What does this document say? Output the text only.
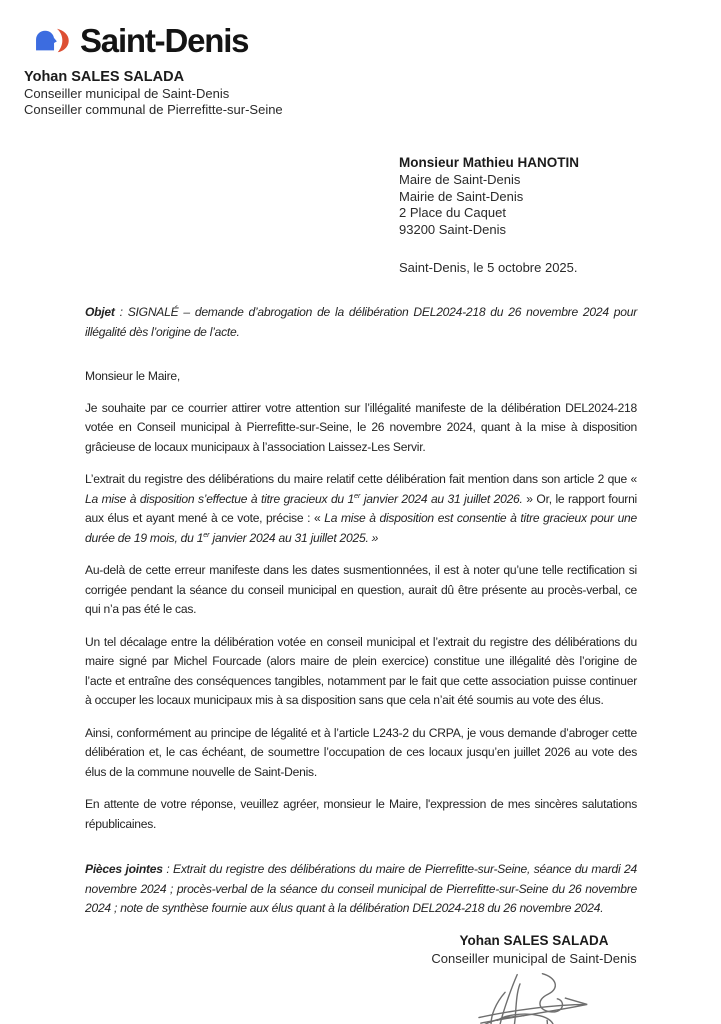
Saint-Denis
Yohan SALES SALADA
Conseiller municipal de Saint-Denis
Conseiller communal de Pierrefitte-sur-Seine
Monsieur Mathieu HANOTIN
Maire de Saint-Denis
Mairie de Saint-Denis
2 Place du Caquet
93200 Saint-Denis
Saint-Denis, le 5 octobre 2025.

Objet : SIGNALÉ – demande d’abrogation de la délibération DEL2024-218 du 26 novembre 2024 pour illégalité dès l’origine de l’acte.

Monsieur le Maire,

Je souhaite par ce courrier attirer votre attention sur l’illégalité manifeste de la délibération DEL2024-218 votée en Conseil municipal à Pierrefitte-sur-Seine, le 26 novembre 2024, quant à la mise à disposition grâcieuse de locaux municipaux à l’association Laissez-Les Servir.

L’extrait du registre des délibérations du maire relatif cette délibération fait mention dans son article 2 que « La mise à disposition s’effectue à titre gracieux du 1er janvier 2024 au 31 juillet 2026. » Or, le rapport fourni aux élus et ayant mené à ce vote, précise : « La mise à disposition est consentie à titre gracieux pour une durée de 19 mois, du 1er janvier 2024 au 31 juillet 2025. »

Au-delà de cette erreur manifeste dans les dates susmentionnées, il est à noter qu’une telle rectification si corrigée pendant la séance du conseil municipal en question, aurait dû être présente au procès-verbal, ce qui n’a pas été le cas.

Un tel décalage entre la délibération votée en conseil municipal et l’extrait du registre des délibérations du maire signé par Michel Fourcade (alors maire de plein exercice) constitue une illégalité dès l’origine de l’acte et entraîne des conséquences tangibles, notamment par le fait que cette association puisse continuer à occuper les locaux municipaux mis à sa disposition sans que cela n’ait été soumis au vote des élus.

Ainsi, conformément au principe de légalité et à l’article L243-2 du CRPA, je vous demande d’abroger cette délibération et, le cas échéant, de soumettre l’occupation de ces locaux jusqu’en juillet 2026 au vote des élus de la commune nouvelle de Saint-Denis.

En attente de votre réponse, veuillez agréer, monsieur le Maire, l'expression de mes sincères salutations républicaines.

Pièces jointes : Extrait du registre des délibérations du maire de Pierrefitte-sur-Seine, séance du mardi 24 novembre 2024 ; procès-verbal de la séance du conseil municipal de Pierrefitte-sur-Seine du 26 novembre 2024 ; note de synthèse fournie aux élus quant à la délibération DEL2024-218 du 26 novembre 2024.

Yohan SALES SALADA
Conseiller municipal de Saint-Denis
